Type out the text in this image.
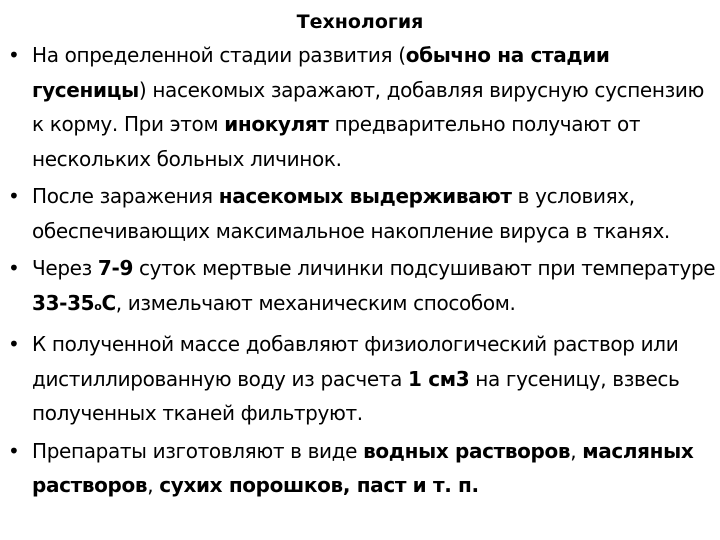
Технология
• На определенной стадии развития (обычно на стадии гусеницы) насекомых заражают, добавляя вирусную суспензию к корму. При этом инокулят предварительно получают от нескольких больных личинок.
• После заражения насекомых выдерживают в условиях, обеспечивающих максимальное накопление вируса в тканях.
• Через 7-9 суток мертвые личинки подсушивают при температуре 33-35оС, измельчают механическим способом.
• К полученной массе добавляют физиологический раствор или дистиллированную воду из расчета 1 см3 на гусеницу, взвесь полученных тканей фильтруют.
• Препараты изготовляют в виде водных растворов, масляных растворов, сухих порошков, паст и т. п.
